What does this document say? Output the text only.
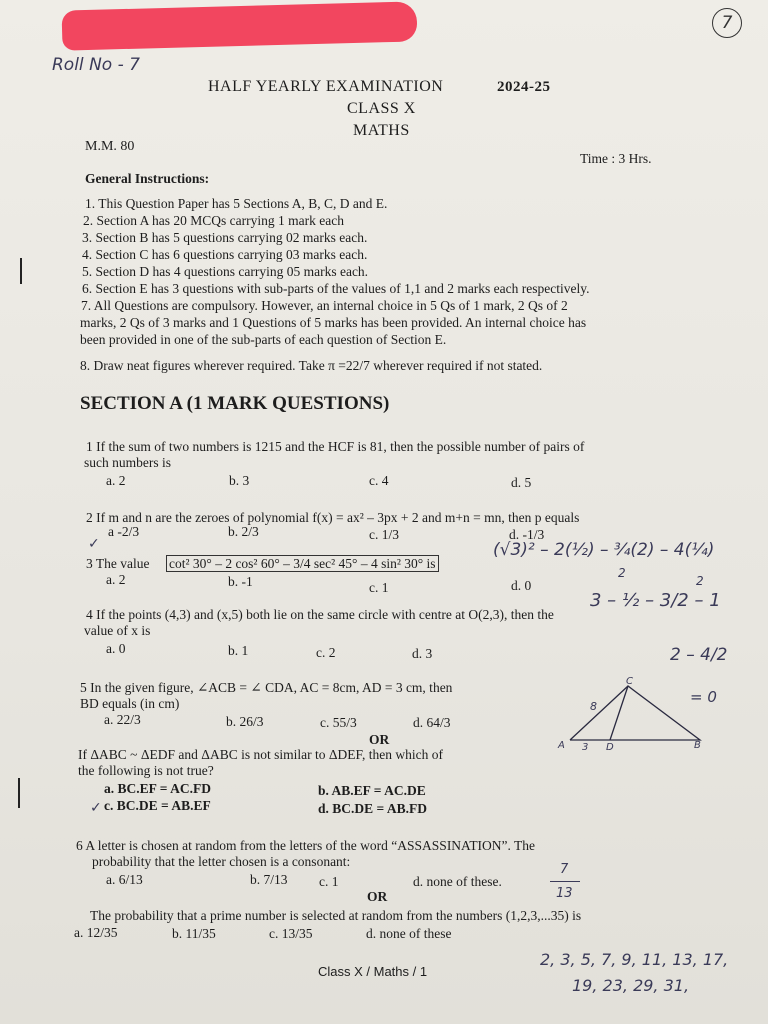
7
Roll No - 7
HALF YEARLY EXAMINATION	2024-25
CLASS X
MATHS
M.M. 80
Time : 3 Hrs.
General Instructions:
1. This Question Paper has 5 Sections A, B, C, D and E.
2. Section A has 20 MCQs carrying 1 mark each
3. Section B has 5 questions carrying 02 marks each.
4. Section C has 6 questions carrying 03 marks each.
5. Section D has 4 questions carrying 05 marks each.
6. Section E has 3 questions with sub-parts of the values of 1,1 and 2 marks each respectively.
7. All Questions are compulsory. However, an internal choice in 5 Qs of 1 mark, 2 Qs of 2
marks, 2 Qs of 3 marks and 1 Questions of 5 marks has been provided. An internal choice has
been provided in one of the sub-parts of each question of Section E.
8. Draw neat figures wherever required. Take π =22/7 wherever required if not stated.
SECTION A (1 MARK QUESTIONS)
1 If the sum of two numbers is 1215 and the HCF is 81, then the possible number of pairs of
such numbers is
a. 2	b. 3	c. 4	d. 5
2 If m and n are the zeroes of polynomial f(x) = ax² – 3px + 2 and m+n = mn, then p equals
a -2/3	b. 2/3	c. 1/3	d. -1/3
✓
3 The value cot² 30° – 2 cos² 60° – 3/4 sec² 45° – 4 sin² 30° is
a. 2	b. -1	c. 1	d. 0
(√3)² – 2(½) – ¾(2) – 4(¼)
2
2
3 – ½ – 3/2 – 1
4 If the points (4,3) and (x,5) both lie on the same circle with centre at O(2,3), then the
value of x is
a. 0	b. 1	c. 2	d. 3	2 – 4/2
= 0
5 In the given figure, ∠ACB = ∠ CDA, AC = 8cm, AD = 3 cm, then
BD equals (in cm)
a. 22/3	b. 26/3	c. 55/3	d. 64/3
OR
If ΔABC ~ ΔEDF and ΔABC is not similar to ΔDEF, then which of
the following is not true?
a. BC.EF = AC.FD	b. AB.EF = AC.DE
c. BC.DE = AB.EF	d. BC.DE = AB.FD
✓
C
A	B
D
8
3
6 A letter is chosen at random from the letters of the word “ASSASSINATION”. The
probability that the letter chosen is a consonant:
a. 6/13	b. 7/13 c. 1	d. none of these.
7
13
OR
The probability that a prime number is selected at random from the numbers (1,2,3,...35) is
a. 12/35	b. 11/35	c. 13/35	d. none of these
2, 3, 5, 7, 9, 11, 13, 17,
19, 23, 29, 31,
Class X / Maths / 1
